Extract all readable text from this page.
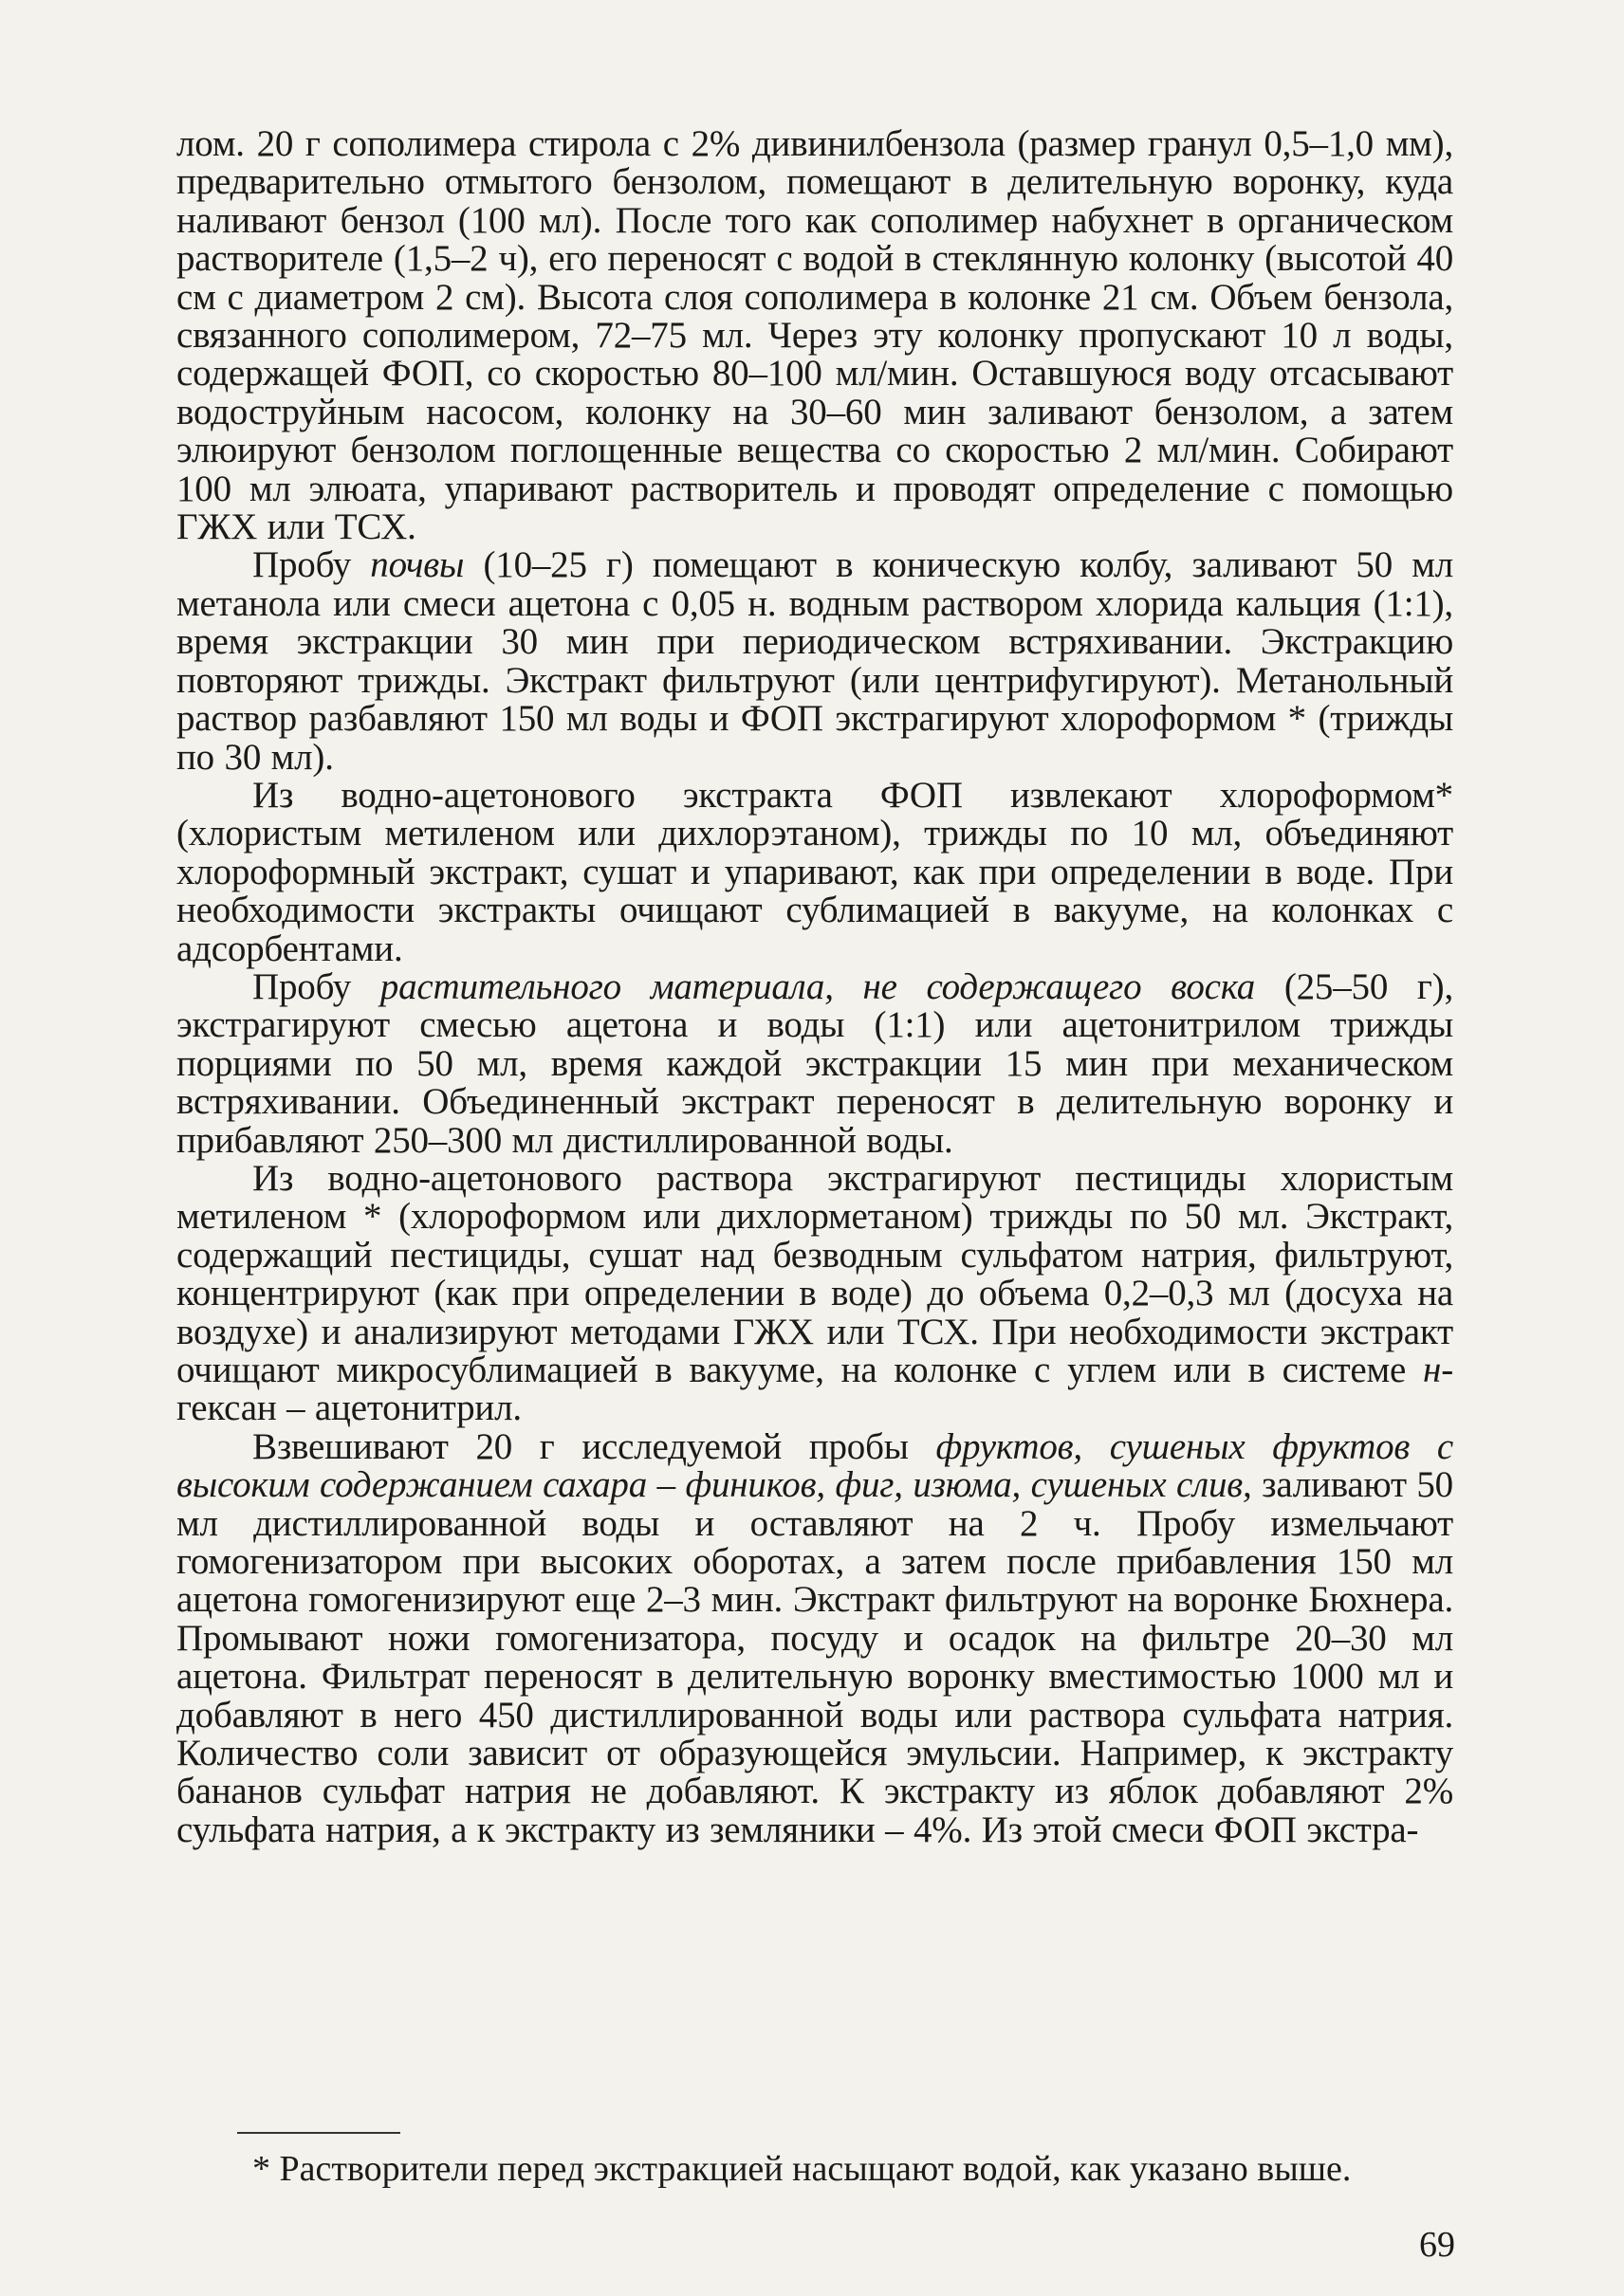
лом. 20 г сополимера стирола с 2% дивинилбензола (размер гранул 0,5–1,0 мм), предварительно отмытого бензолом, помещают в делительную воронку, куда наливают бензол (100 мл). После того как сополимер набухнет в органическом растворителе (1,5–2 ч), его переносят с водой в стеклянную колонку (высотой 40 см с диаметром 2 см). Высота слоя сополимера в колонке 21 см. Объем бензола, связанного сополимером, 72–75 мл. Через эту колонку пропускают 10 л воды, содержащей ФОП, со скоростью 80–100 мл/мин. Оставшуюся воду отсасывают водоструйным насосом, колонку на 30–60 мин заливают бензолом, а затем элюируют бензолом поглощенные вещества со скоростью 2 мл/мин. Собирают 100 мл элюата, упаривают растворитель и проводят определение с помощью ГЖХ или ТСХ.

Пробу почвы (10–25 г) помещают в коническую колбу, заливают 50 мл метанола или смеси ацетона с 0,05 н. водным раствором хлорида кальция (1:1), время экстракции 30 мин при периодическом встряхивании. Экстракцию повторяют трижды. Экстракт фильтруют (или центрифугируют). Метанольный раствор разбавляют 150 мл воды и ФОП экстрагируют хлороформом * (трижды по 30 мл).

Из водно-ацетонового экстракта ФОП извлекают хлороформом* (хлористым метиленом или дихлорэтаном), трижды по 10 мл, объединяют хлороформный экстракт, сушат и упаривают, как при определении в воде. При необходимости экстракты очищают сублимацией в вакууме, на колонках с адсорбентами.

Пробу растительного материала, не содержащего воска (25–50 г), экстрагируют смесью ацетона и воды (1:1) или ацетонитрилом трижды порциями по 50 мл, время каждой экстракции 15 мин при механическом встряхивании. Объединенный экстракт переносят в делительную воронку и прибавляют 250–300 мл дистиллированной воды.

Из водно-ацетонового раствора экстрагируют пестициды хлористым метиленом * (хлороформом или дихлорметаном) трижды по 50 мл. Экстракт, содержащий пестициды, сушат над безводным сульфатом натрия, фильтруют, концентрируют (как при определении в воде) до объема 0,2–0,3 мл (досуха на воздухе) и анализируют методами ГЖХ или ТСХ. При необходимости экстракт очищают микросублимацией в вакууме, на колонке с углем или в системе н-гексан – ацетонитрил.

Взвешивают 20 г исследуемой пробы фруктов, сушеных фруктов с высоким содержанием сахара – фиников, фиг, изюма, сушеных слив, заливают 50 мл дистиллированной воды и оставляют на 2 ч. Пробу измельчают гомогенизатором при высоких оборотах, а затем после прибавления 150 мл ацетона гомогенизируют еще 2–3 мин. Экстракт фильтруют на воронке Бюхнера. Промывают ножи гомогенизатора, посуду и осадок на фильтре 20–30 мл ацетона. Фильтрат переносят в делительную воронку вместимостью 1000 мл и добавляют в него 450 дистиллированной воды или раствора сульфата натрия. Количество соли зависит от образующейся эмульсии. Например, к экстракту бананов сульфат натрия не добавляют. К экстракту из яблок добавляют 2% сульфата натрия, а к экстракту из земляники – 4%. Из этой смеси ФОП экстра-

* Растворители перед экстракцией насыщают водой, как указано выше.

69
